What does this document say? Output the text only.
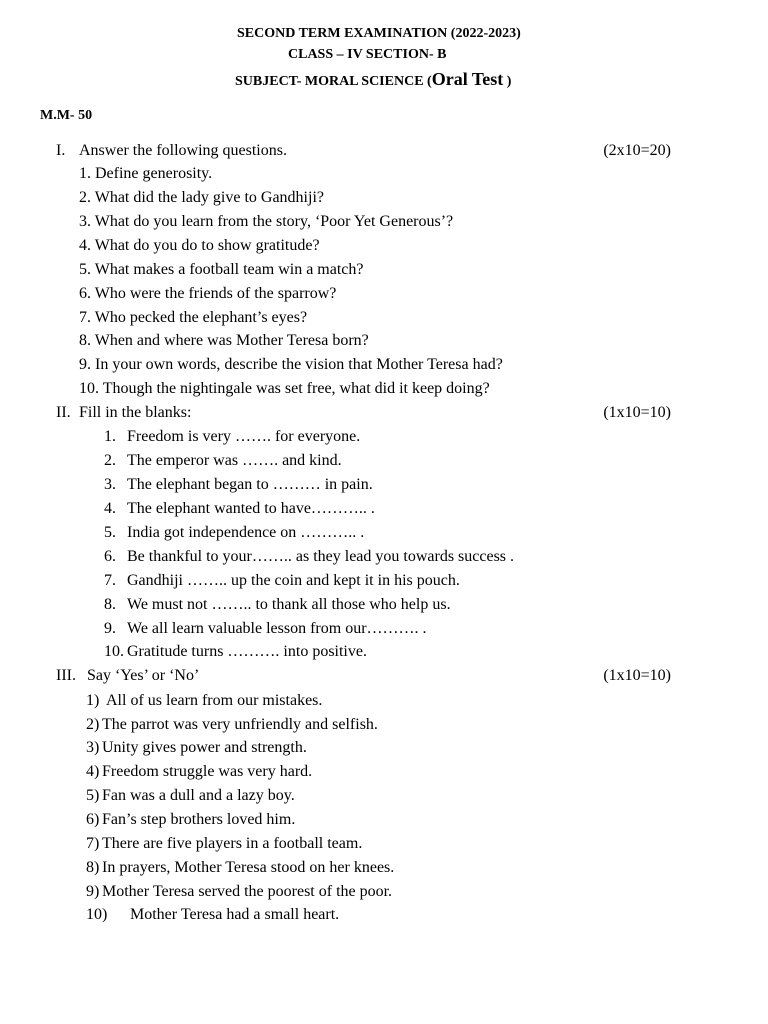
SECOND TERM EXAMINATION (2022-2023)
CLASS – IV SECTION- B
SUBJECT- MORAL SCIENCE (Oral Test )
M.M- 50
I. Answer the following questions.	(2x10=20)
1. Define generosity.
2. What did the lady give to Gandhiji?
3. What do you learn from the story, ‘Poor Yet Generous’?
4. What do you do to show gratitude?
5. What makes a football team win a match?
6. Who were the friends of the sparrow?
7. Who pecked the elephant’s eyes?
8. When and where was Mother Teresa born?
9. In your own words, describe the vision that Mother Teresa had?
10. Though the nightingale was set free, what did it keep doing?
II. Fill in the blanks:	(1x10=10)
1. Freedom is very ……. for everyone.
2. The emperor was ……. and kind.
3. The elephant began to ……… in pain.
4. The elephant wanted to have……….. .
5. India got independence on ……….. .
6. Be thankful to your…….. as they lead you towards success .
7. Gandhiji …….. up the coin and kept it in his pouch.
8. We must not …….. to thank all those who help us.
9. We all learn valuable lesson from our………. .
10. Gratitude turns ………. into positive.
III. Say ‘Yes’ or ‘No’	(1x10=10)
1) All of us learn from our mistakes.
2) The parrot was very unfriendly and selfish.
3) Unity gives power and strength.
4) Freedom struggle was very hard.
5) Fan was a dull and a lazy boy.
6) Fan’s step brothers loved him.
7) There are five players in a football team.
8) In prayers, Mother Teresa stood on her knees.
9) Mother Teresa served the poorest of the poor.
10) Mother Teresa had a small heart.
